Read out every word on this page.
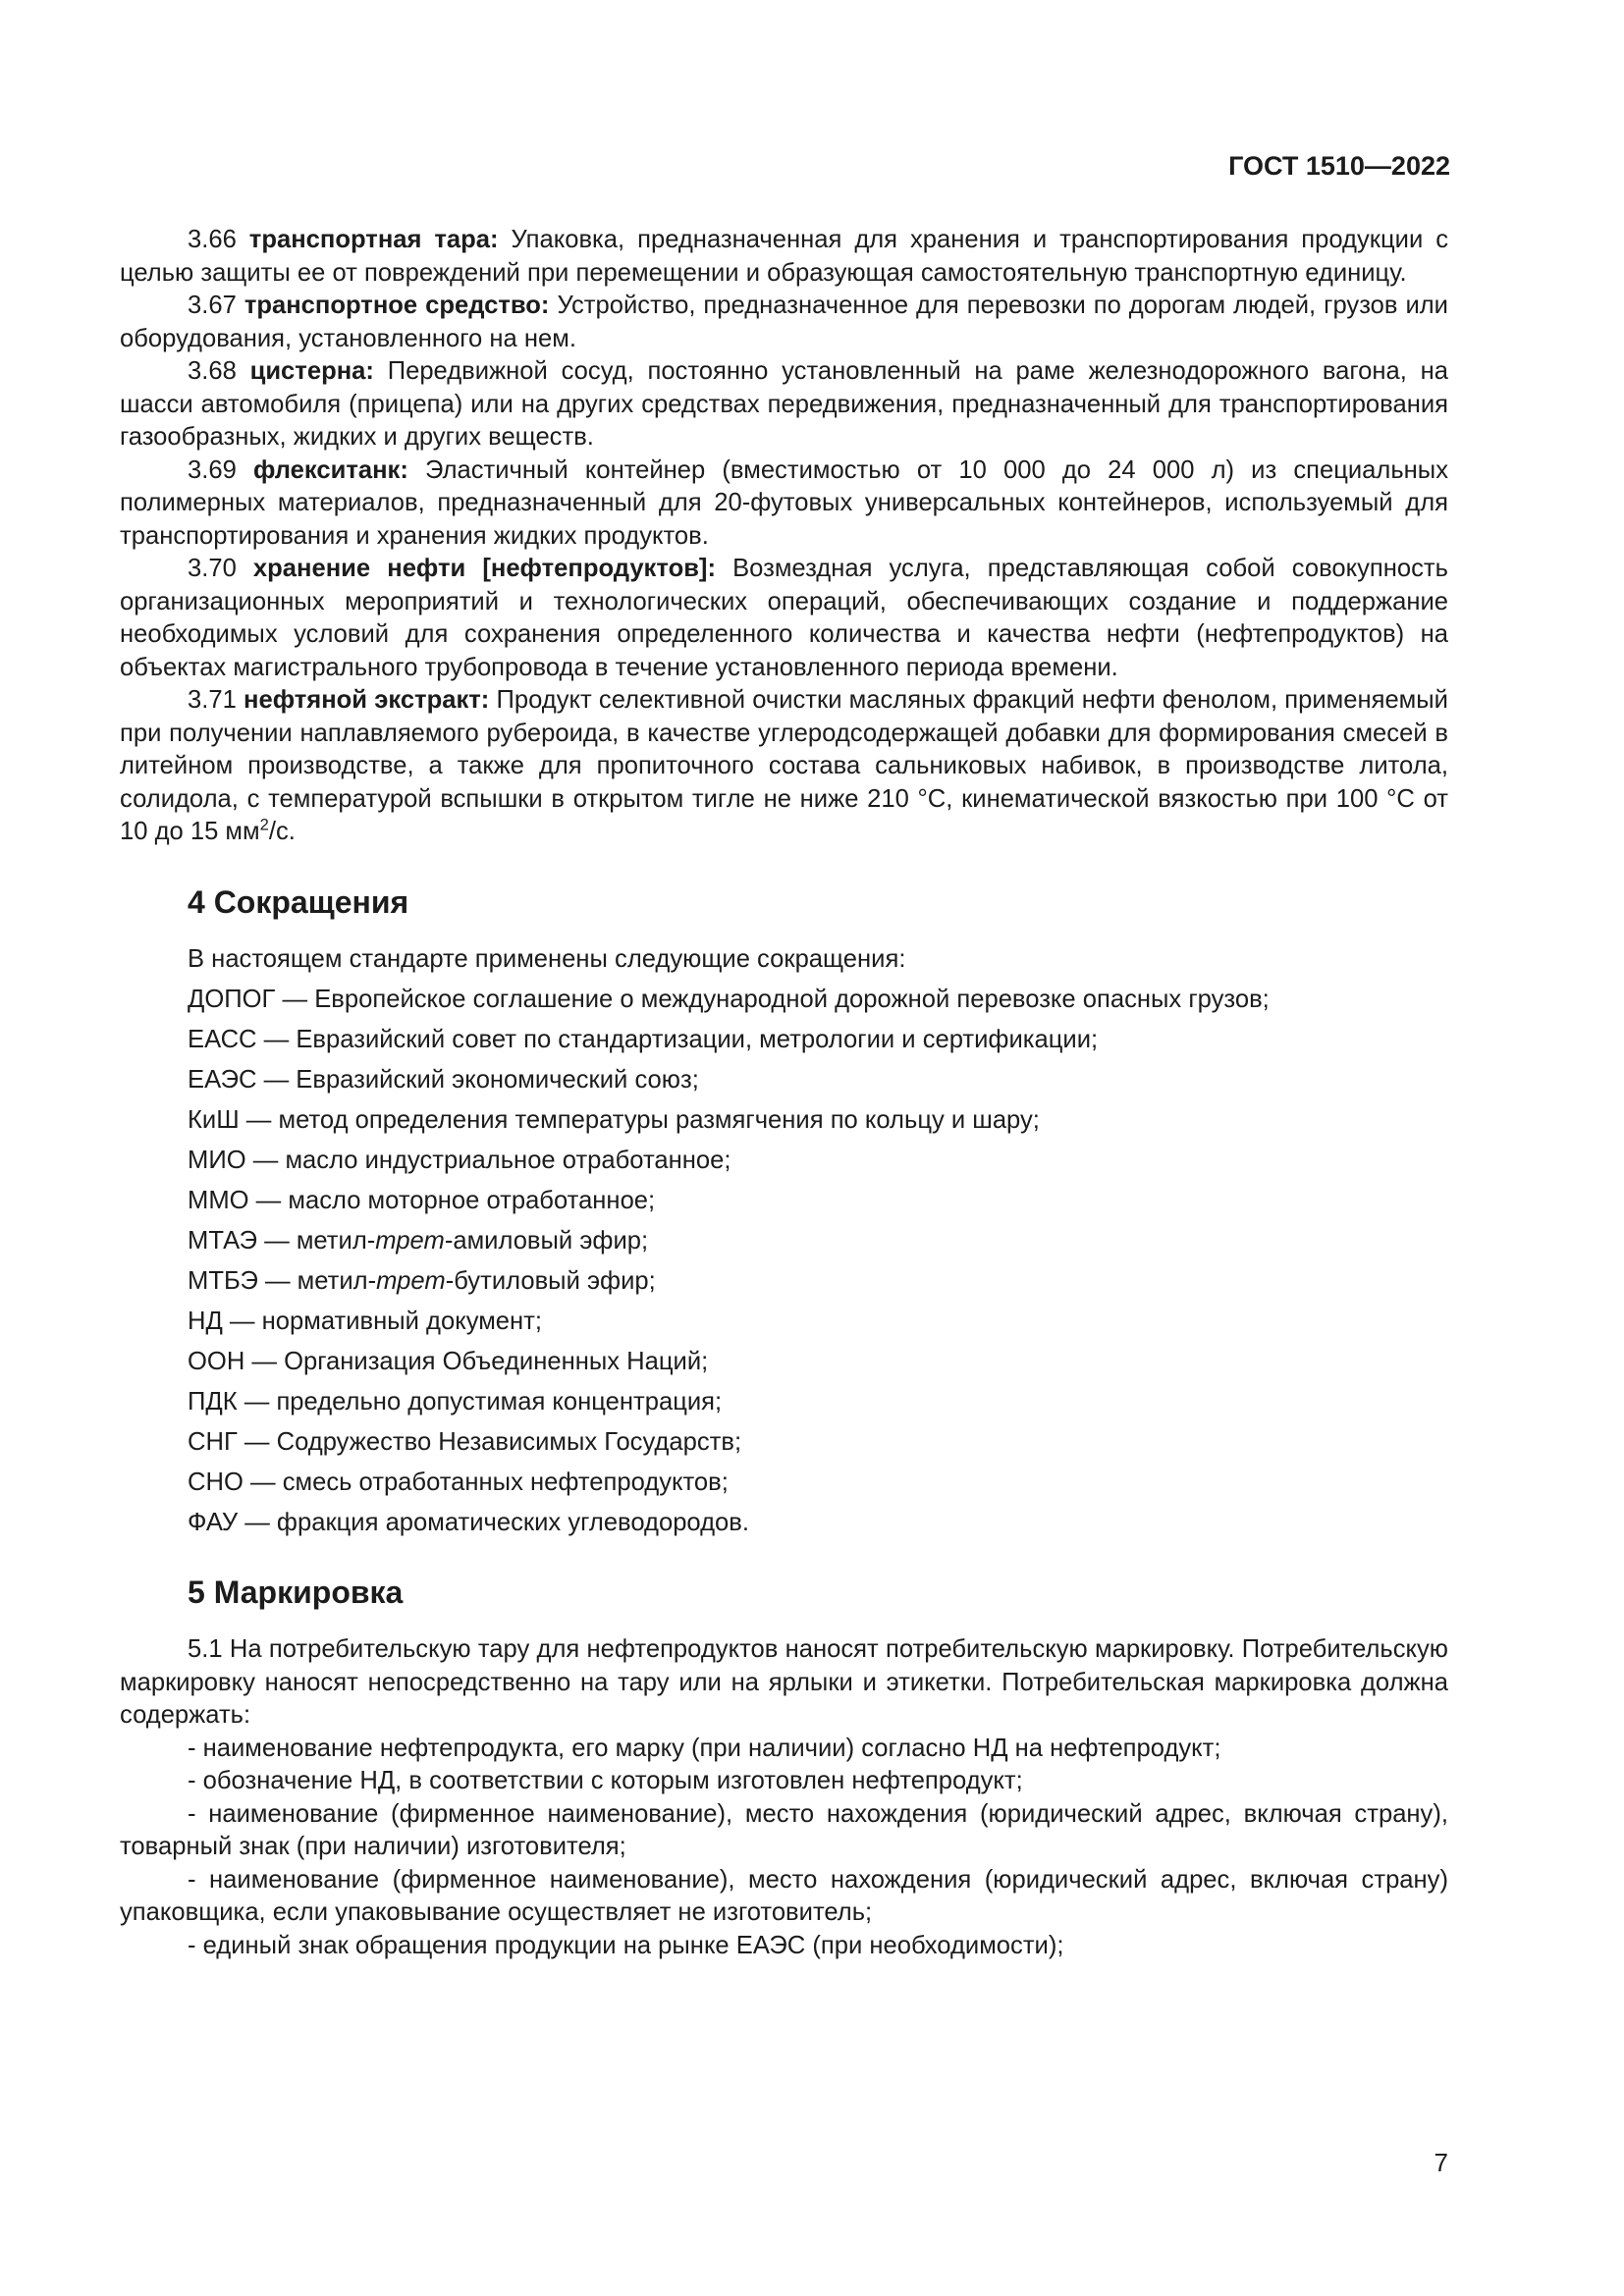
ГОСТ 1510—2022

3.66 транспортная тара: Упаковка, предназначенная для хранения и транспортирования продукции с целью защиты ее от повреждений при перемещении и образующая самостоятельную транспортную единицу.

3.67 транспортное средство: Устройство, предназначенное для перевозки по дорогам людей, грузов или оборудования, установленного на нем.

3.68 цистерна: Передвижной сосуд, постоянно установленный на раме железнодорожного вагона, на шасси автомобиля (прицепа) или на других средствах передвижения, предназначенный для транспортирования газообразных, жидких и других веществ.

3.69 флекситанк: Эластичный контейнер (вместимостью от 10 000 до 24 000 л) из специальных полимерных материалов, предназначенный для 20-футовых универсальных контейнеров, используемый для транспортирования и хранения жидких продуктов.

3.70 хранение нефти [нефтепродуктов]: Возмездная услуга, представляющая собой совокупность организационных мероприятий и технологических операций, обеспечивающих создание и поддержание необходимых условий для сохранения определенного количества и качества нефти (нефтепродуктов) на объектах магистрального трубопровода в течение установленного периода времени.

3.71 нефтяной экстракт: Продукт селективной очистки масляных фракций нефти фенолом, применяемый при получении наплавляемого рубероида, в качестве углеродсодержащей добавки для формирования смесей в литейном производстве, а также для пропиточного состава сальниковых набивок, в производстве литола, солидола, с температурой вспышки в открытом тигле не ниже 210 °C, кинематической вязкостью при 100 °C от 10 до 15 $мм^2/с$.

4 Сокращения

В настоящем стандарте применены следующие сокращения:

ДОПОГ — Европейское соглашение о международной дорожной перевозке опасных грузов;

ЕАСС — Евразийский совет по стандартизации, метрологии и сертификации;

ЕАЭС — Евразийский экономический союз;

КиШ — метод определения температуры размягчения по кольцу и шару;

МИО — масло индустриальное отработанное;

ММО — масло моторное отработанное;

МТАЭ — метил-трет-амиловый эфир;

МТБЭ — метил-трет-бутиловый эфир;

НД — нормативный документ;

ООН — Организация Объединенных Наций;

ПДК — предельно допустимая концентрация;

СНГ — Содружество Независимых Государств;

СНО — смесь отработанных нефтепродуктов;

ФАУ — фракция ароматических углеводородов.

5 Маркировка

5.1 На потребительскую тару для нефтепродуктов наносят потребительскую маркировку. Потребительскую маркировку наносят непосредственно на тару или на ярлыки и этикетки. Потребительская маркировка должна содержать:

- наименование нефтепродукта, его марку (при наличии) согласно НД на нефтепродукт;

- обозначение НД, в соответствии с которым изготовлен нефтепродукт;

- наименование (фирменное наименование), место нахождения (юридический адрес, включая страну), товарный знак (при наличии) изготовителя;

- наименование (фирменное наименование), место нахождения (юридический адрес, включая страну) упаковщика, если упаковывание осуществляет не изготовитель;

- единый знак обращения продукции на рынке ЕАЭС (при необходимости);

7
